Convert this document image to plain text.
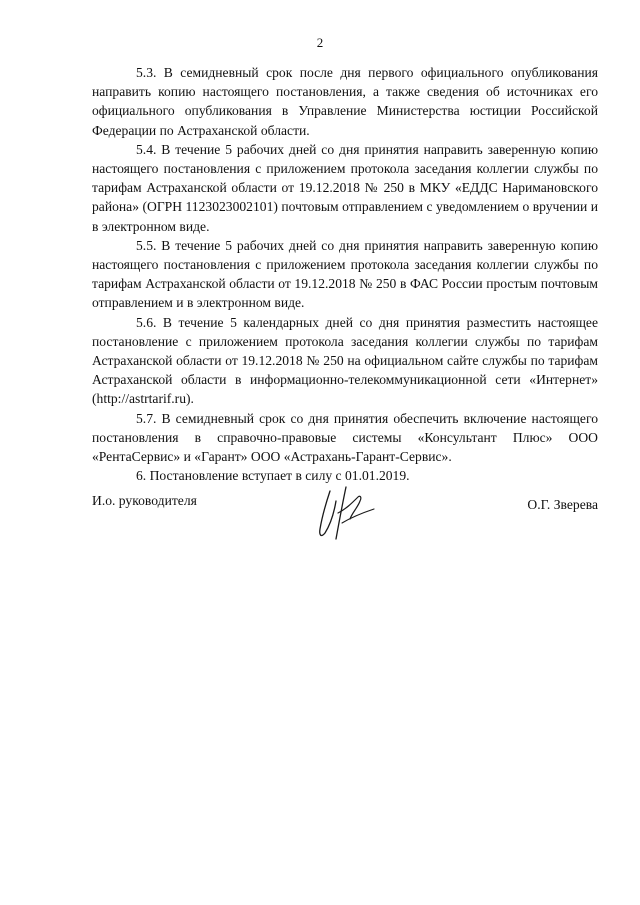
2

5.3. В семидневный срок после дня первого официального опубликования направить копию настоящего постановления, а также сведения об источниках его официального опубликования в Управление Министерства юстиции Российской Федерации по Астраханской области.

5.4. В течение 5 рабочих дней со дня принятия направить заверенную копию настоящего постановления с приложением протокола заседания коллегии службы по тарифам Астраханской области от 19.12.2018 № 250 в МКУ «ЕДДС Наримановского района» (ОГРН 1123023002101) почтовым отправлением с уведомлением о вручении и в электронном виде.

5.5. В течение 5 рабочих дней со дня принятия направить заверенную копию настоящего постановления с приложением протокола заседания коллегии службы по тарифам Астраханской области от 19.12.2018 № 250 в ФАС России простым почтовым отправлением и в электронном виде.

5.6. В течение 5 календарных дней со дня принятия разместить настоящее постановление с приложением протокола заседания коллегии службы по тарифам Астраханской области от 19.12.2018 № 250 на официальном сайте службы по тарифам Астраханской области в информационно-телекоммуникационной сети «Интернет» (http://astrtarif.ru).

5.7. В семидневный срок со дня принятия обеспечить включение настоящего постановления в справочно-правовые системы «Консультант Плюс» ООО «РентаСервис» и «Гарант» ООО «Астрахань-Гарант-Сервис».

6. Постановление вступает в силу с 01.01.2019.

И.о. руководителя	О.Г. Зверева
